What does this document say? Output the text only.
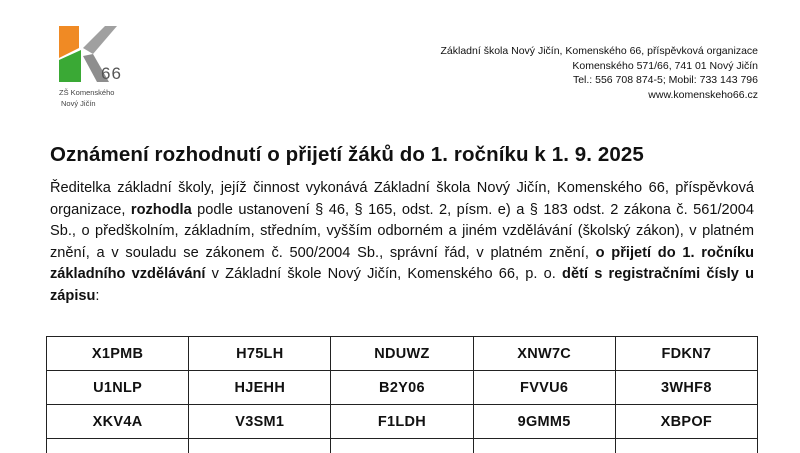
66
ZŠ Komenského
Nový Jičín
Základní škola Nový Jičín, Komenského 66, příspěvková organizace
Komenského 571/66, 741 01 Nový Jičín
Tel.: 556 708 874-5; Mobil: 733 143 796
www.komenskeho66.cz
Oznámení rozhodnutí o přijetí žáků do 1. ročníku k 1. 9. 2025
Ředitelka základní školy, jejíž činnost vykonává Základní škola Nový Jičín, Komenského 66, příspěvková organizace, rozhodla podle ustanovení § 46, § 165, odst. 2, písm. e) a § 183 odst. 2 zákona č. 561/2004 Sb., o předškolním, základním, středním, vyšším odborném a jiném vzdělávání (školský zákon), v platném znění, a v souladu se zákonem č. 500/2004 Sb., správní řád, v platném znění, o přijetí do 1. ročníku základního vzdělávání v Základní škole Nový Jičín, Komenského 66, p. o. dětí s registračními čísly u zápisu:
X1PMB	H75LH	NDUWZ	XNW7C	FDKN7
U1NLP	HJEHH	B2Y06	FVVU6	3WHF8
XKV4A	V3SM1	F1LDH	9GMM5	XBPOF
